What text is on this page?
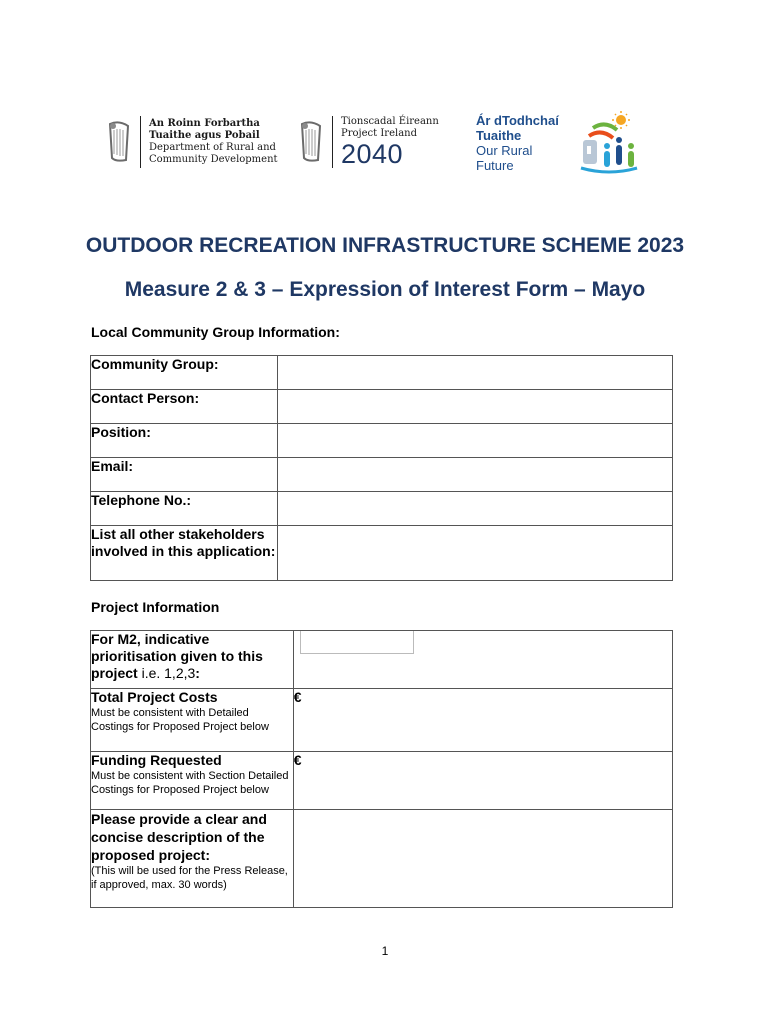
An Roinn Forbartha
Tuaithe agus Pobail
Department of Rural and
Community Development
Tionscadal Éireann
Project Ireland
2040
Ár dTodhchaí
Tuaithe
Our Rural
Future
OUTDOOR RECREATION INFRASTRUCTURE SCHEME 2023
Measure 2 & 3 – Expression of Interest Form – Mayo
Local Community Group Information:
Community Group:	
Contact Person:	
Position:	
Email:	
Telephone No.:	
List all other stakeholders involved in this application:	
Project Information
For M2, indicative prioritisation given to this project i.e. 1,2,3:	

Total Project Costs
Must be consistent with Detailed Costings for Proposed Project below	€

Funding Requested
Must be consistent with Section Detailed Costings for Proposed Project below	€

Please provide a clear and concise description of the proposed project:
(This will be used for the Press Release, if approved, max. 30 words)	

1
